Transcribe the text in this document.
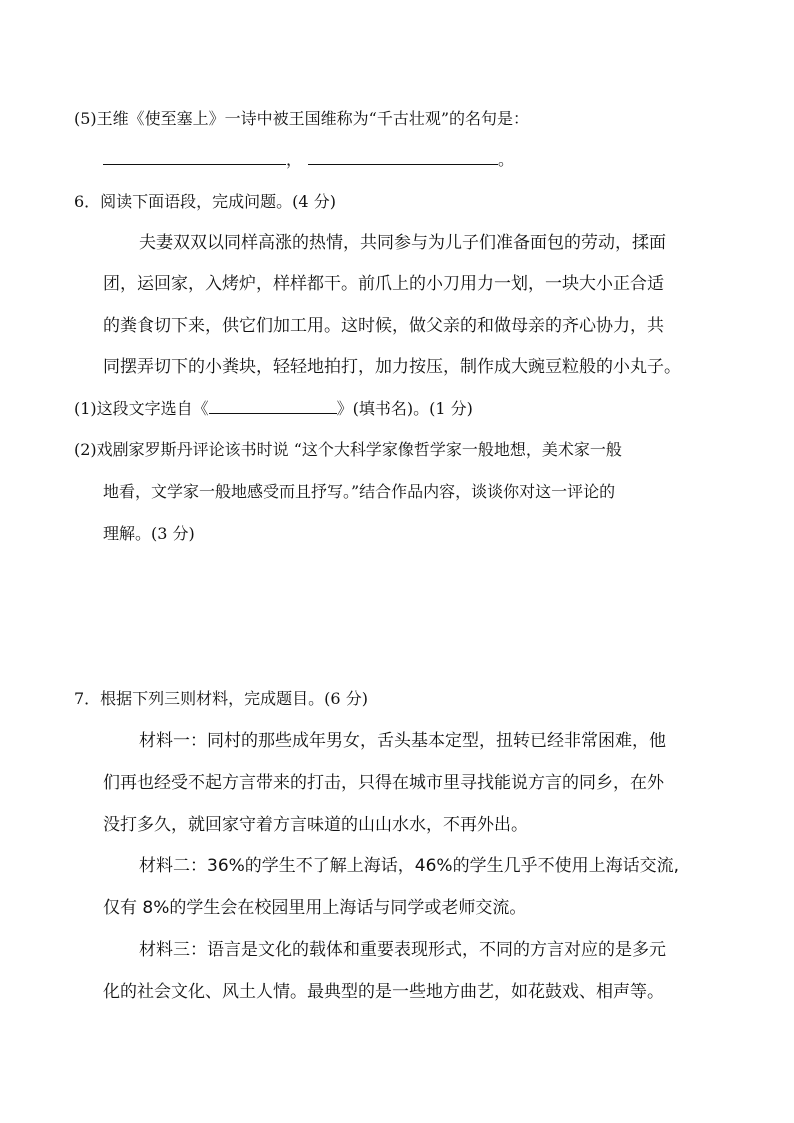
(5)王维《使至塞上》一诗中被王国维称为“千古壮观”的名句是：
，	。
6．阅读下面语段，完成问题。(4 分)
夫妻双双以同样高涨的热情，共同参与为儿子们准备面包的劳动，揉面
团，运回家，入烤炉，样样都干。前爪上的小刀用力一划，一块大小正合适
的粪食切下来，供它们加工用。这时候，做父亲的和做母亲的齐心协力，共
同摆弄切下的小粪块，轻轻地拍打，加力按压，制作成大豌豆粒般的小丸子。
(1)这段文字选自《	》(填书名)。(1 分)
(2)戏剧家罗斯丹评论该书时说 “这个大科学家像哲学家一般地想，美术家一般
地看，文学家一般地感受而且抒写。”结合作品内容，谈谈你对这一评论的
理解。(3 分)
7．根据下列三则材料，完成题目。(6 分)
材料一：同村的那些成年男女，舌头基本定型，扭转已经非常困难，他
们再也经受不起方言带来的打击，只得在城市里寻找能说方言的同乡，在外
没打多久，就回家守着方言味道的山山水水，不再外出。
材料二：36%的学生不了解上海话，46%的学生几乎不使用上海话交流,
仅有 8%的学生会在校园里用上海话与同学或老师交流。
材料三：语言是文化的载体和重要表现形式，不同的方言对应的是多元
化的社会文化、风土人情。最典型的是一些地方曲艺，如花鼓戏、相声等。
